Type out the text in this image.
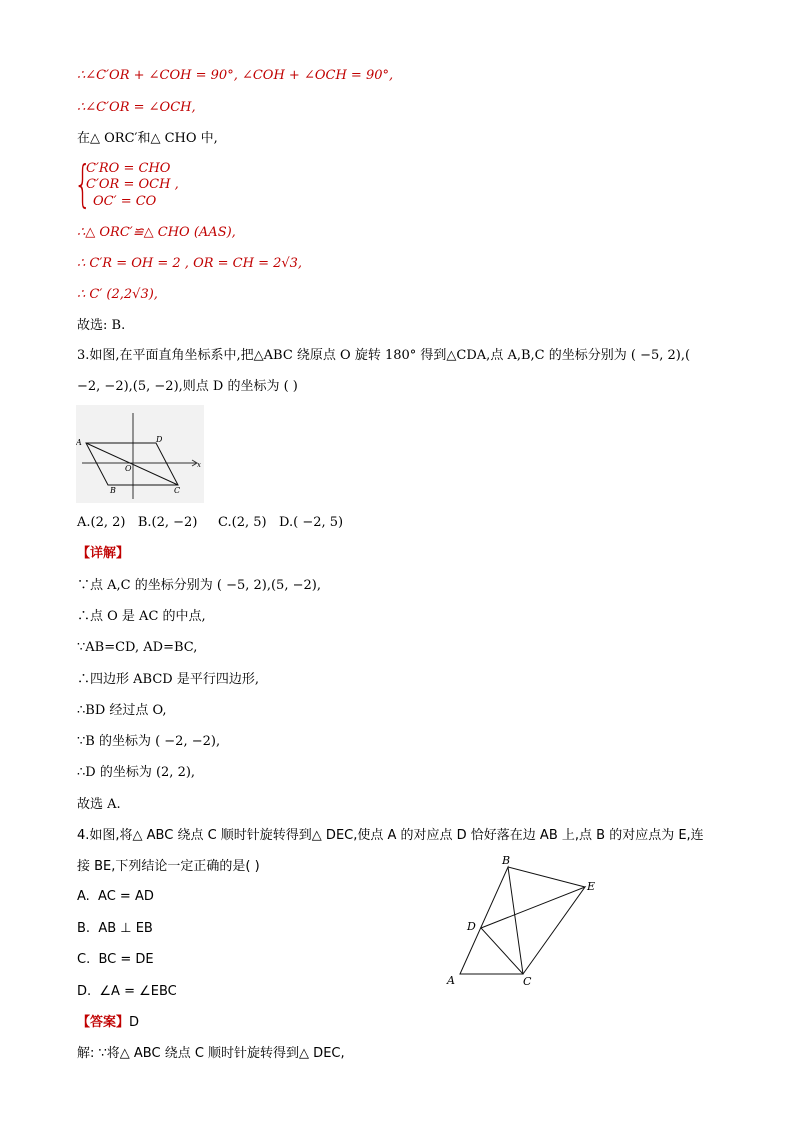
∴∠C′OR + ∠COH = 90°, ∠COH + ∠OCH = 90°,
∴∠C′OR = ∠OCH,
在△ ORC′和△ CHO 中,
{
C′RO = CHO
C′OR = OCH ,
OC′ = CO
∴△ ORC′≌△ CHO (AAS),
∴ C′R = OH = 2 , OR = CH = 2√3,
∴ C′ (2,2√3),
故选: B.
3.如图,在平面直角坐标系中,把△ABC 绕原点 O 旋转 180° 得到△CDA,点 A,B,C 的坐标分别为 ( −5, 2),( −2, −2),(5, −2),则点 D 的坐标为 ( )
A	D
O
B	C
x
A.(2, 2)   B.(2, −2)     C.(2, 5)   D.( −2, 5)
【详解】
∵点 A,C 的坐标分别为 ( −5, 2),(5, −2),
∴点 O 是 AC 的中点,
∵AB=CD, AD=BC,
∴四边形 ABCD 是平行四边形,
∴BD 经过点 O,
∵B 的坐标为 ( −2, −2),
∴D 的坐标为 (2, 2),
故选 A.
4.如图,将△ ABC 绕点 C 顺时针旋转得到△ DEC,使点 A 的对应点 D 恰好落在边 AB 上,点 B 的对应点为 E,连接 BE,下列结论一定正确的是( )	B
E
D
A	C
A.  AC = AD
B.  AB ⊥ EB
C.  BC = DE
D.  ∠A = ∠EBC
【答案】D
解: ∵将△ ABC 绕点 C 顺时针旋转得到△ DEC,
